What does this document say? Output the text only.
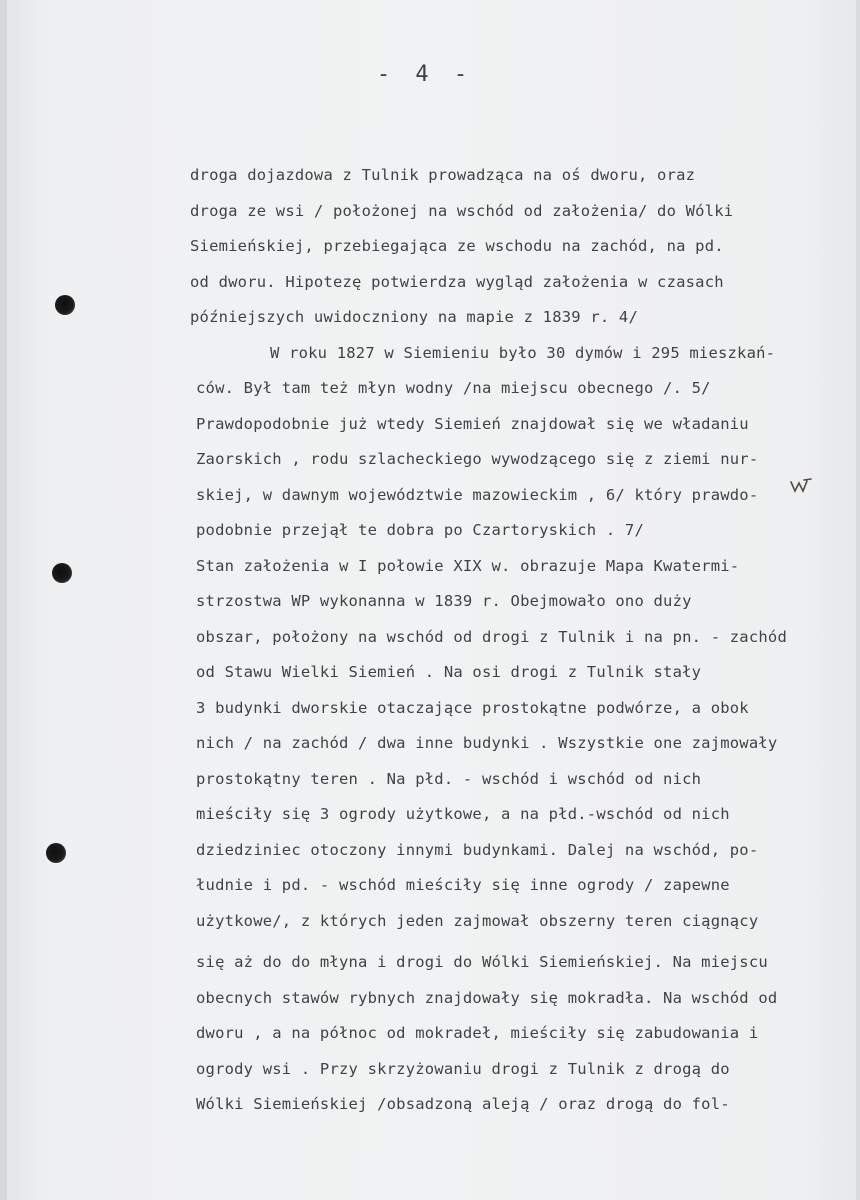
- 4 -
droga dojazdowa z Tulnik prowadząca na oś dworu, oraz
droga ze wsi / położonej na wschód od założenia/ do Wólki
Siemieńskiej, przebiegająca ze wschodu na zachód, na pd.
od dworu. Hipotezę potwierdza wygląd założenia w czasach
późniejszych uwidoczniony na mapie z 1839 r. 4/
W roku 1827 w Siemieniu było 30 dymów i 295 mieszkań-
ców. Był tam też młyn wodny /na miejscu obecnego /. 5/
Prawdopodobnie już wtedy Siemień znajdował się we władaniu
Zaorskich , rodu szlacheckiego wywodzącego się z ziemi nur-
skiej, w dawnym województwie mazowieckim , 6/ który prawdo-
podobnie przejął te dobra po Czartoryskich . 7/
Stan założenia w I połowie XIX w. obrazuje Mapa Kwatermi-
strzostwa WP wykonanna w 1839 r. Obejmowało ono duży
obszar, położony na wschód od drogi z Tulnik i na pn. - zachód
od Stawu Wielki Siemień . Na osi drogi z Tulnik stały
3 budynki dworskie otaczające prostokątne podwórze, a obok
nich / na zachód / dwa inne budynki . Wszystkie one zajmowały
prostokątny teren . Na płd. - wschód i wschód od nich
mieściły się 3 ogrody użytkowe, a na płd.-wschód od nich
dziedziniec otoczony innymi budynkami. Dalej na wschód, po-
łudnie i pd. - wschód mieściły się inne ogrody / zapewne
użytkowe/, z których jeden zajmował obszerny teren ciągnący
się aż do do młyna i drogi do Wólki Siemieńskiej. Na miejscu
obecnych stawów rybnych znajdowały się mokradła. Na wschód od
dworu , a na północ od mokradeł, mieściły się zabudowania i
ogrody wsi . Przy skrzyżowaniu drogi z Tulnik z drogą do
Wólki Siemieńskiej /obsadzoną aleją / oraz drogą do fol-
